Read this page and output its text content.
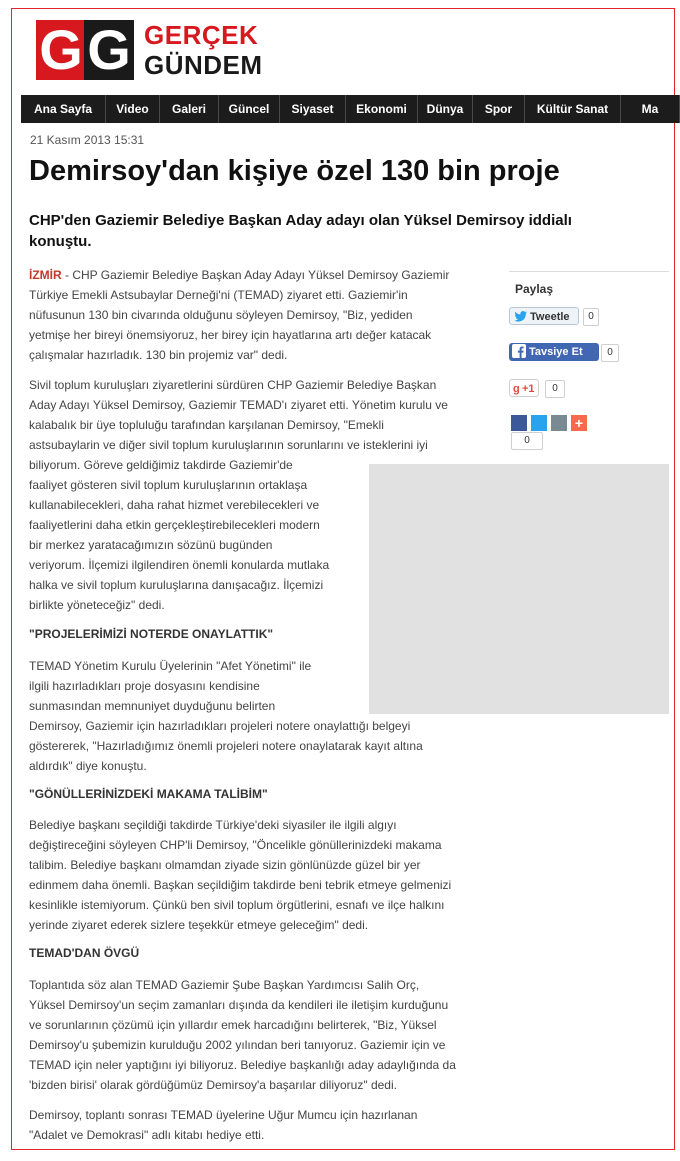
G G GERÇEK
GÜNDEM
Ana Sayfa Video Galeri Güncel Siyaset Ekonomi Dünya Spor Kültür Sanat	Ma
21 Kasım 2013 15:31
Demirsoy'dan kişiye özel 130 bin proje
CHP'den Gaziemir Belediye Başkan Aday adayı olan Yüksel Demirsoy iddialı konuştu.
İZMİR - CHP Gaziemir Belediye Başkan Aday Adayı Yüksel Demirsoy Gaziemir
Türkiye Emekli Astsubaylar Derneği'ni (TEMAD) ziyaret etti. Gaziemir'in
nüfusunun 130 bin civarında olduğunu söyleyen Demirsoy, "Biz, yediden
yetmişe her bireyi önemsiyoruz, her birey için hayatlarına artı değer katacak
çalışmalar hazırladık. 130 bin projemiz var" dedi.
Sivil toplum kuruluşları ziyaretlerini sürdüren CHP Gaziemir Belediye Başkan
Aday Adayı Yüksel Demirsoy, Gaziemir TEMAD'ı ziyaret etti. Yönetim kurulu ve
kalabalık bir üye topluluğu tarafından karşılanan Demirsoy, "Emekli
astsubaylarin ve diğer sivil toplum kuruluşlarının sorunlarını ve isteklerini iyi
biliyorum. Göreve geldiğimiz takdirde Gaziemir'de
faaliyet gösteren sivil toplum kuruluşlarının ortaklaşa
kullanabilecekleri, daha rahat hizmet verebilecekleri ve
faaliyetlerini daha etkin gerçekleştirebilecekleri modern
bir merkez yaratacağımızın sözünü bugünden
veriyorum. İlçemizi ilgilendiren önemli konularda mutlaka
halka ve sivil toplum kuruluşlarına danışacağız. İlçemizi
birlikte yöneteceğiz" dedi.
"PROJELERİMİZİ NOTERDE ONAYLATTIK"
TEMAD Yönetim Kurulu Üyelerinin "Afet Yönetimi" ile
ilgili hazırladıkları proje dosyasını kendisine
sunmasından memnuniyet duyduğunu belirten
Demirsoy, Gaziemir için hazırladıkları projeleri notere onaylattığı belgeyi
göstererek, "Hazırladığımız önemli projeleri notere onaylatarak kayıt altına
aldırdık" diye konuştu.
"GÖNÜLLERİNİZDEKİ MAKAMA TALİBİM"
Belediye başkanı seçildiği takdirde Türkiye'deki siyasiler ile ilgili algıyı
değiştireceğini söyleyen CHP'li Demirsoy, "Öncelikle gönüllerinizdeki makama
talibim. Belediye başkanı olmamdan ziyade sizin gönlünüzde güzel bir yer
edinmem daha önemli. Başkan seçildiğim takdirde beni tebrik etmeye gelmenizi
kesinlikle istemiyorum. Çünkü ben sivil toplum örgütlerini, esnafı ve ilçe halkını
yerinde ziyaret ederek sizlere teşekkür etmeye geleceğim" dedi.
TEMAD'DAN ÖVGÜ
Toplantıda söz alan TEMAD Gaziemir Şube Başkan Yardımcısı Salih Orç,
Yüksel Demirsoy'un seçim zamanları dışında da kendileri ile iletişim kurduğunu
ve sorunlarının çözümü için yıllardır emek harcadığını belirterek, "Biz, Yüksel
Demirsoy'u şubemizin kurulduğu 2002 yılından beri tanıyoruz. Gaziemir için ve
TEMAD için neler yaptığını iyi biliyoruz. Belediye başkanlığı aday adaylığında da
'bizden birisi' olarak gördüğümüz Demirsoy'a başarılar diliyoruz" dedi.
Demirsoy, toplantı sonrası TEMAD üyelerine Uğur Mumcu için hazırlanan
"Adalet ve Demokrasi" adlı kitabı hediye etti.
Paylaş
Tweetle	0
Tavsiye Et	0
g +1	0
+
0
